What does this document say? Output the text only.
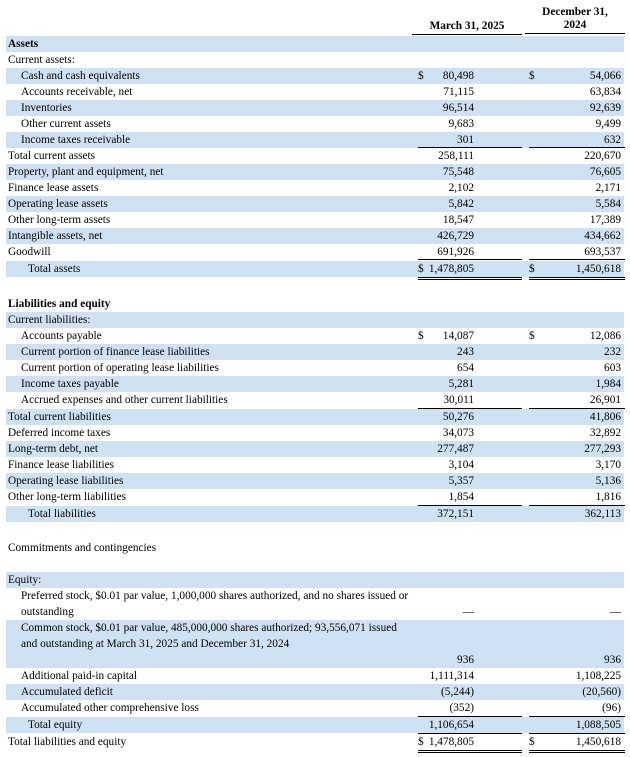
March 31, 2025
December 31,
2024
Assets
Current assets:
Cash and cash equivalents	$ 80,498	$	54,066
Accounts receivable, net	71,115	63,834
Inventories	96,514	92,639
Other current assets	9,683	9,499
Income taxes receivable	301	632
Total current assets	258,111	220,670
Property, plant and equipment, net	75,548	76,605
Finance lease assets	2,102	2,171
Operating lease assets	5,842	5,584
Other long-term assets	18,547	17,389
Intangible assets, net	426,729	434,662
Goodwill	691,926	693,537
Total assets	$ 1,478,805	$	1,450,618
Liabilities and equity
Current liabilities:
Accounts payable	$ 14,087	$	12,086
Current portion of finance lease liabilities	243	232
Current portion of operating lease liabilities	654	603
Income taxes payable	5,281	1,984
Accrued expenses and other current liabilities	30,011	26,901
Total current liabilities	50,276	41,806
Deferred income taxes	34,073	32,892
Long-term debt, net	277,487	277,293
Finance lease liabilities	3,104	3,170
Operating lease liabilities	5,357	5,136
Other long-term liabilities	1,854	1,816
Total liabilities	372,151	362,113
Commitments and contingencies
Equity:
Preferred stock, $0.01 par value, 1,000,000 shares authorized, and no shares issued or outstanding	—	—
Common stock, $0.01 par value, 485,000,000 shares authorized; 93,556,071 issued and outstanding at March 31, 2025 and December 31, 2024
936	936
Additional paid-in capital	1,111,314	1,108,225
Accumulated deficit	(5,244)	(20,560)
Accumulated other comprehensive loss	(352)	(96)
Total equity	1,106,654	1,088,505
Total liabilities and equity	$ 1,478,805	$	1,450,618
